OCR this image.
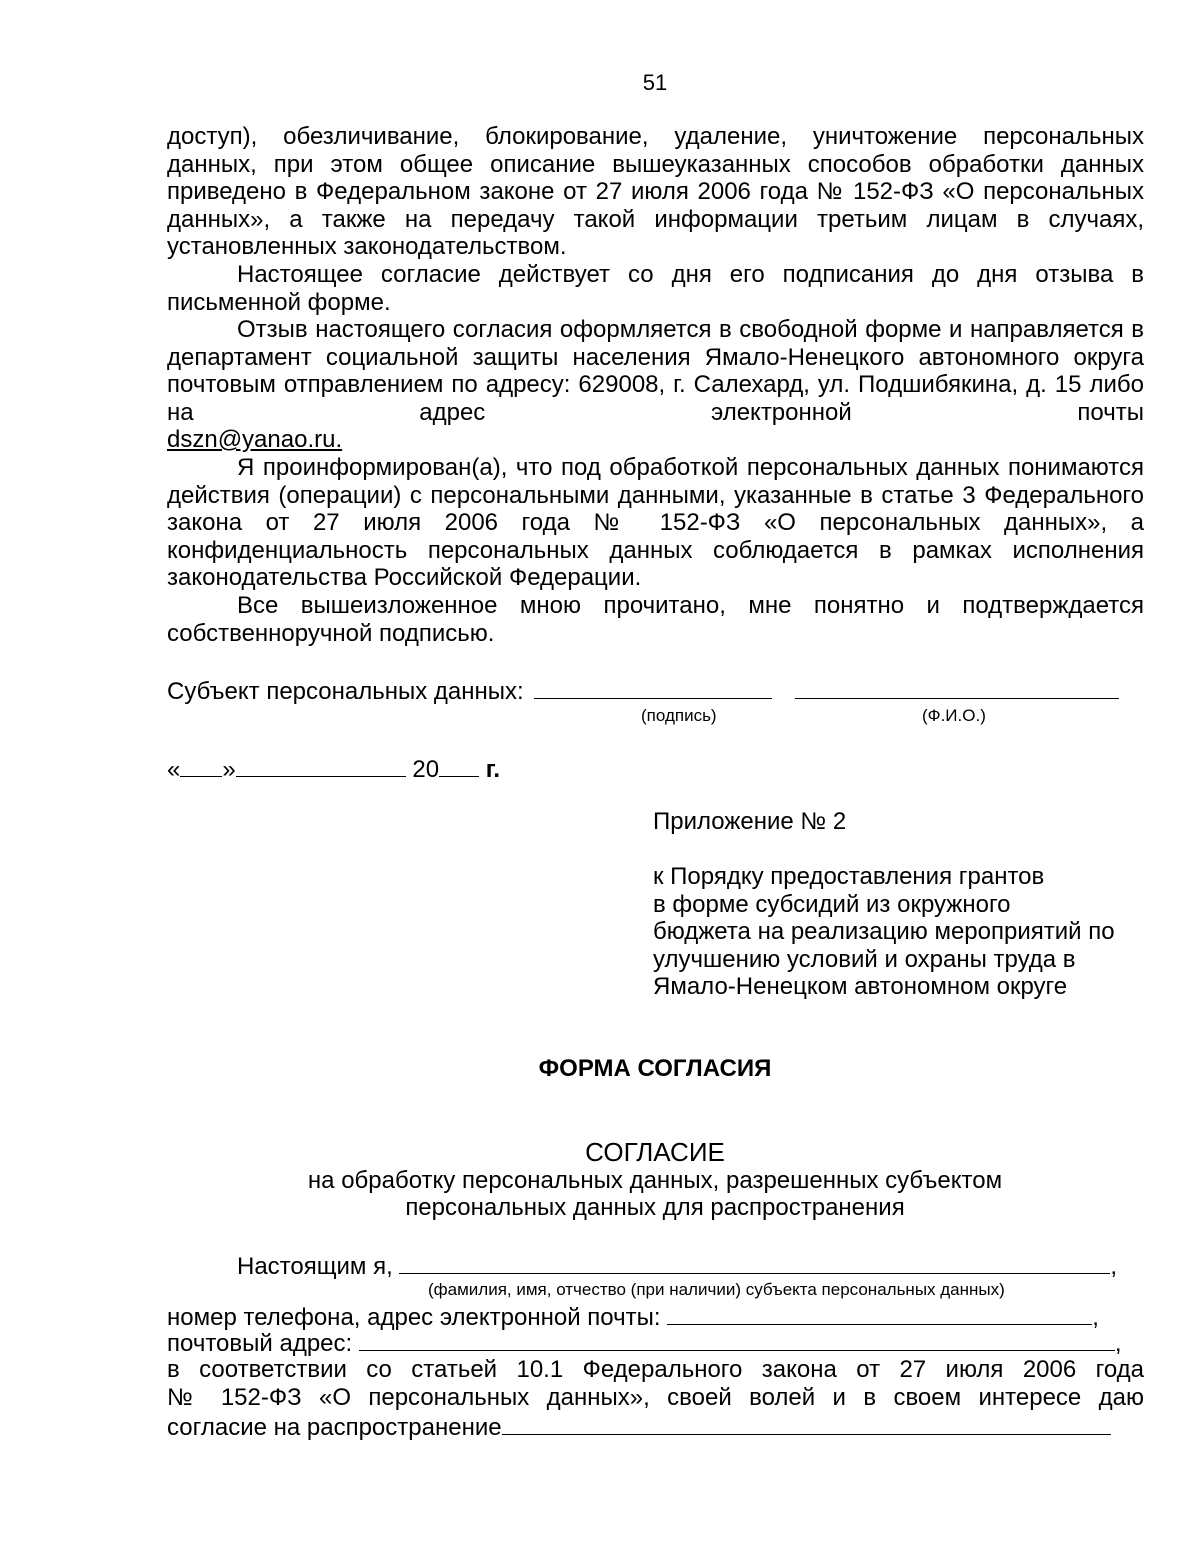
51

доступ), обезличивание, блокирование, удаление, уничтожение персональных данных, при этом общее описание вышеуказанных способов обработки данных приведено в Федеральном законе от 27 июля 2006 года № 152-ФЗ «О персональных данных», а также на передачу такой информации третьим лицам в случаях, установленных законодательством.

Настоящее согласие действует со дня его подписания до дня отзыва в письменной форме.

Отзыв настоящего согласия оформляется в свободной форме и направляется в департамент социальной защиты населения Ямало-Ненецкого автономного округа почтовым отправлением по адресу: 629008, г. Салехард, ул. Подшибякина, д. 15 либо на адрес электронной почты

dszn@yanao.ru.

Я проинформирован(а), что под обработкой персональных данных понимаются действия (операции) с персональными данными, указанные в статье 3 Федерального закона от 27 июля 2006 года № 152-ФЗ «О персональных данных», а конфиденциальность персональных данных соблюдается в рамках исполнения законодательства Российской Федерации.

Все вышеизложенное мною прочитано, мне понятно и подтверждается собственноручной подписью.

Субъект персональных данных:
(подпись)	(Ф.И.О.)
« »	20 г.
Приложение № 2
к Порядку предоставления грантов
в форме субсидий из окружного
бюджета на реализацию мероприятий по
улучшению условий и охраны труда в
Ямало-Ненецком автономном округе
ФОРМА СОГЛАСИЯ
СОГЛАСИЕ
на обработку персональных данных, разрешенных субъектом
персональных данных для распространения
Настоящим я,	,
(фамилия, имя, отчество (при наличии) субъекта персональных данных)
номер телефона, адрес электронной почты:	,
почтовый адрес:	,
в соответствии со статьей 10.1 Федерального закона от 27 июля 2006 года
№ 152-ФЗ «О персональных данных», своей волей и в своем интересе даю
согласие на распространение
